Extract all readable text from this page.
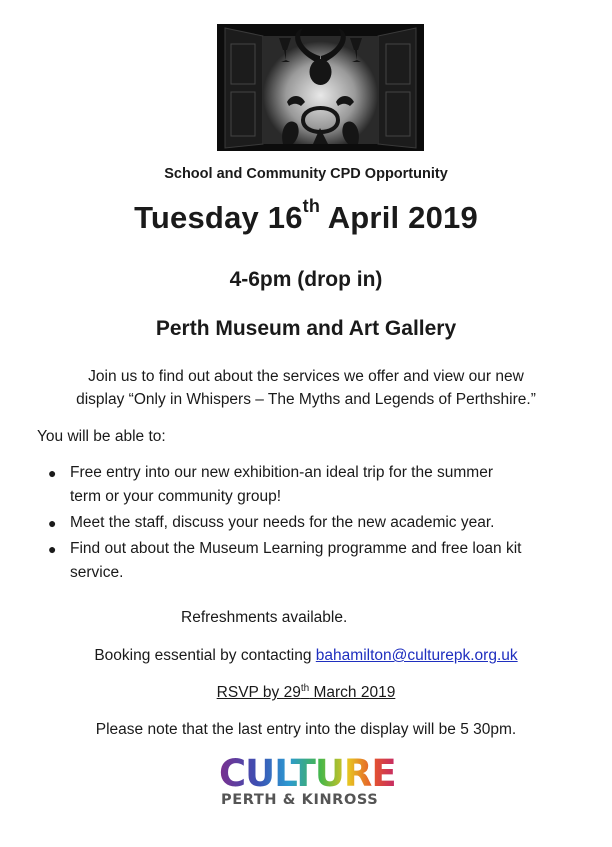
School and Community CPD Opportunity
Tuesday 16th April 2019
4-6pm (drop in)
Perth Museum and Art Gallery
Join us to find out about the services we offer and view our new
display “Only in Whispers – The Myths and Legends of Perthshire.”
You will be able to:
● Free entry into our new exhibition-an ideal trip for the summer
term or your community group!
● Meet the staff, discuss your needs for the new academic year.
● Find out about the Museum Learning programme and free loan kit
service.
Refreshments available.
Booking essential by contacting bahamilton@culturepk.org.uk
RSVP by 29th March 2019
Please note that the last entry into the display will be 5 30pm.
CULTURE
PERTH & KINROSS
